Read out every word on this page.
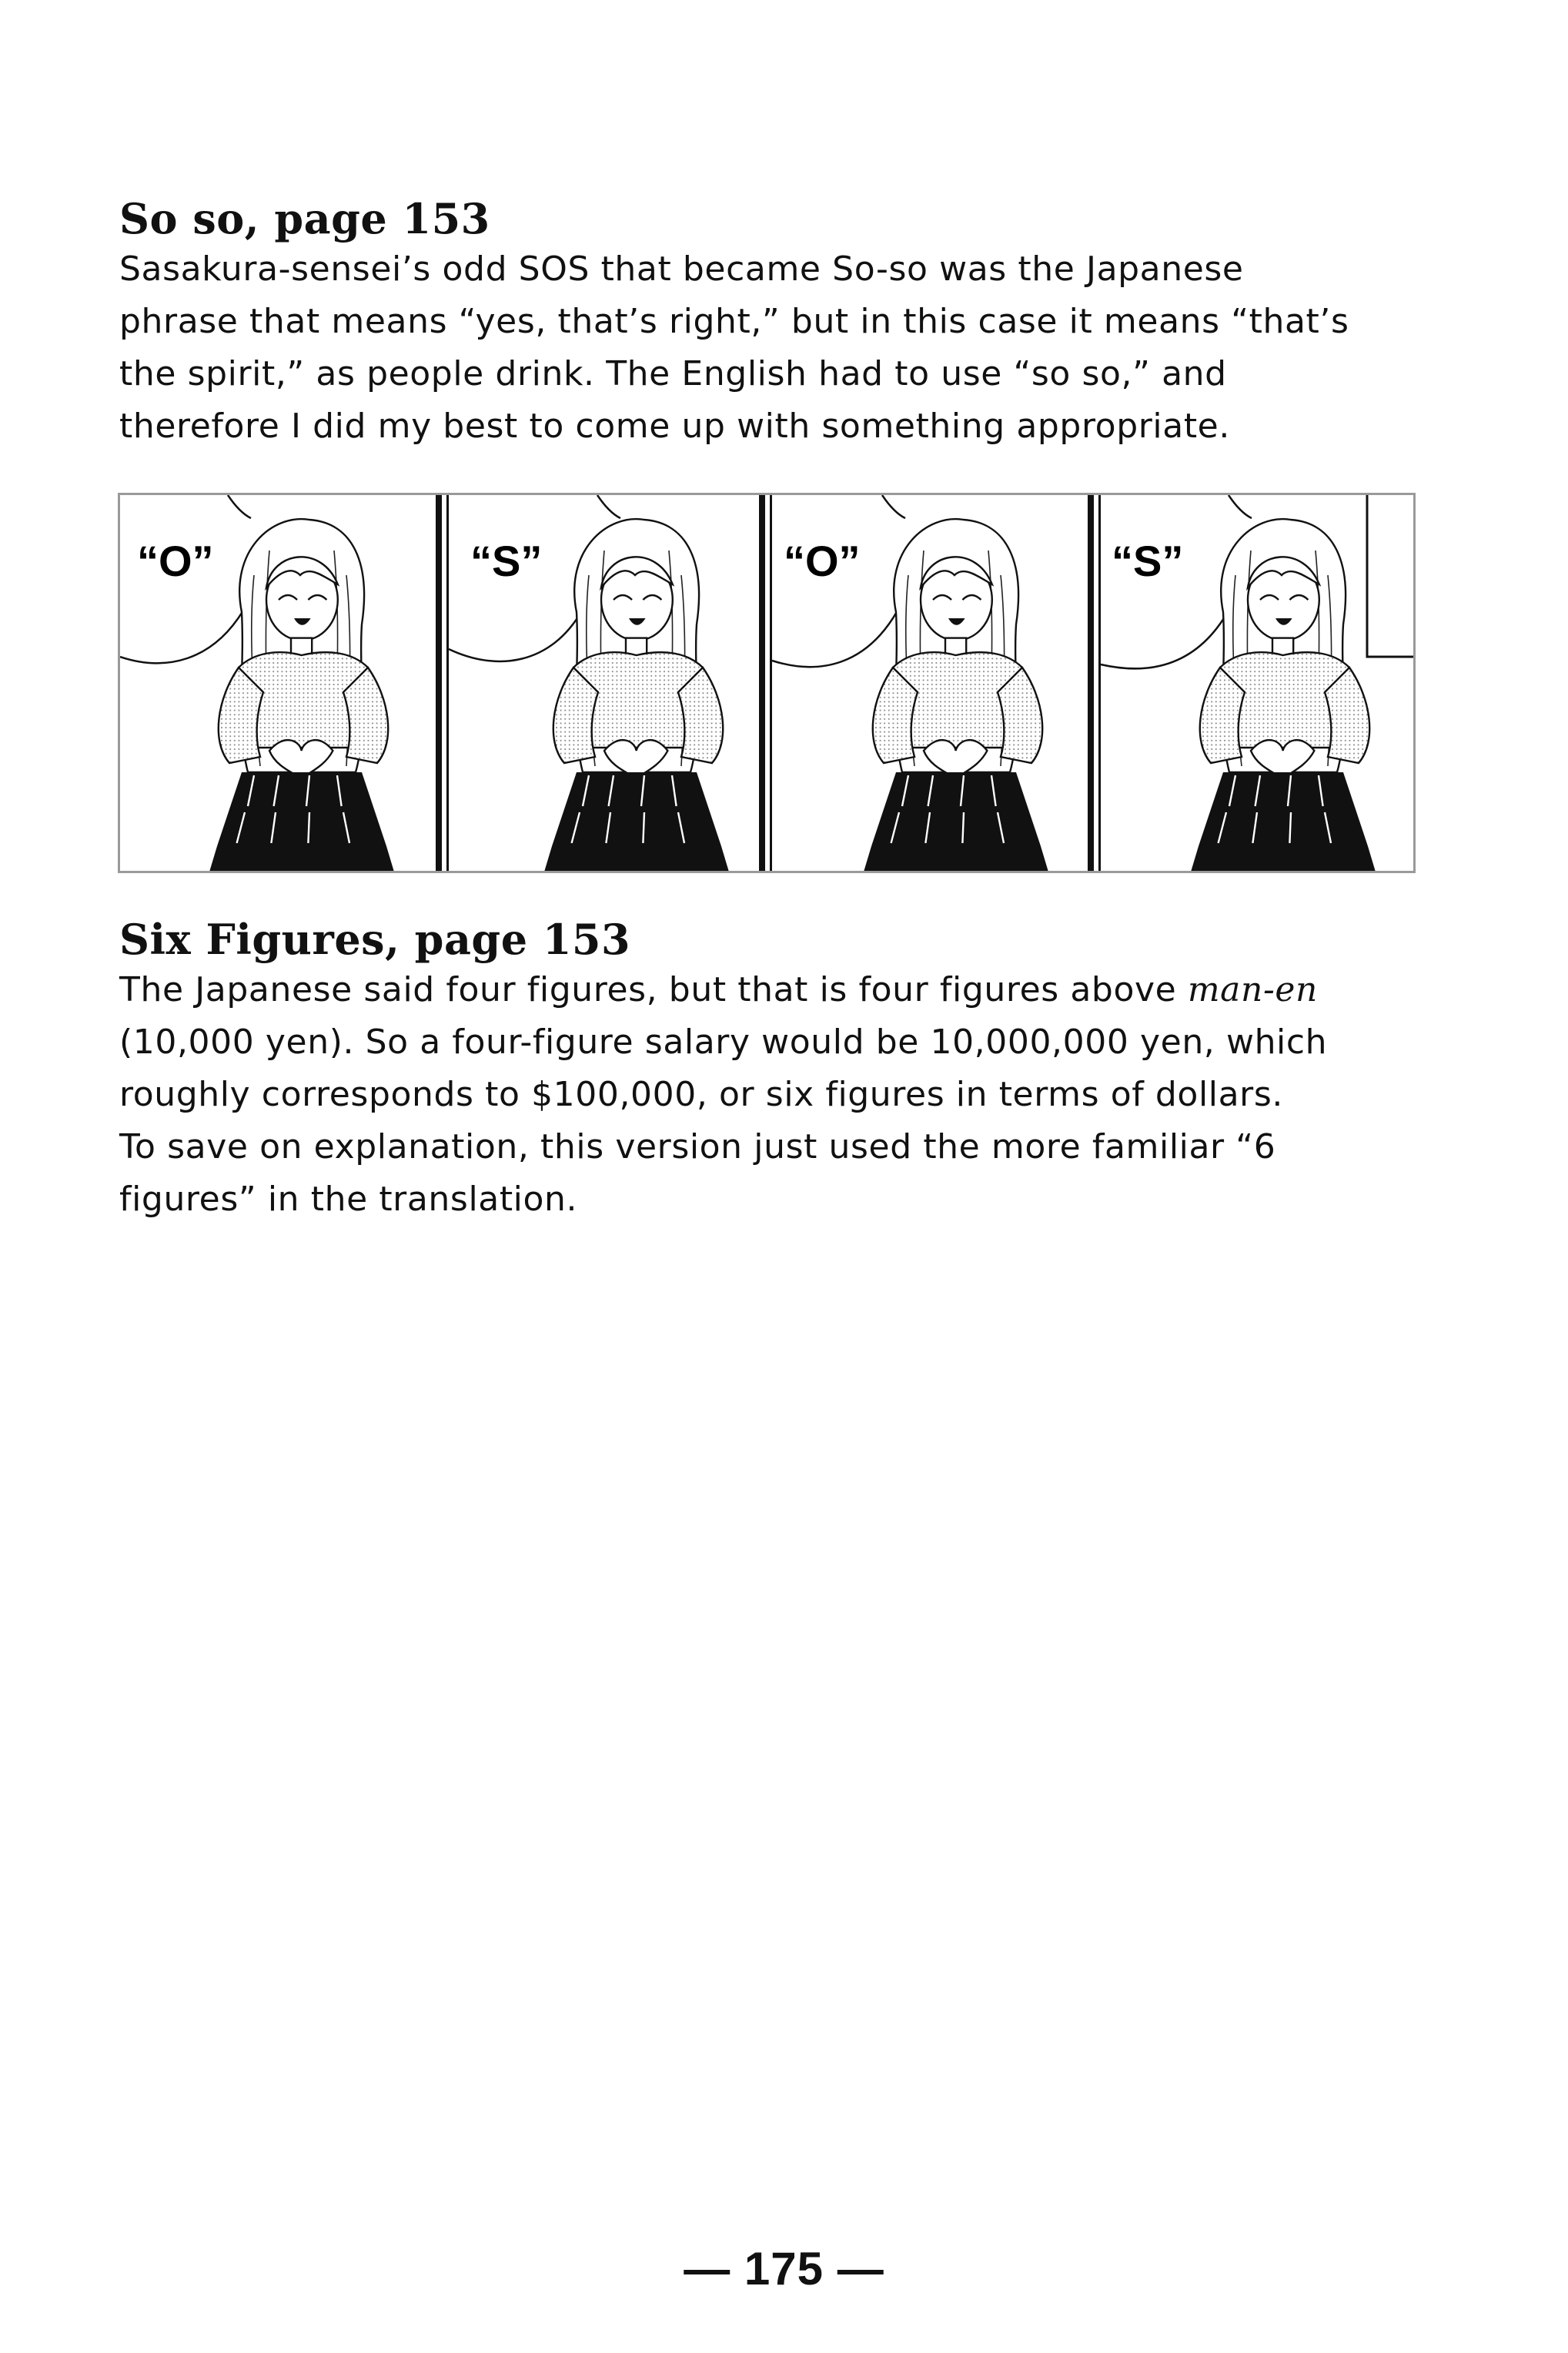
So so, page 153

Sasakura-sensei’s odd SOS that became So-so was the Japanese
phrase that means “yes, that’s right,” but in this case it means “that’s
the spirit,” as people drink. The English had to use “so so,” and
therefore I did my best to come up with something appropriate.

“O”	“S”	“O”	“S”
Six Figures, page 153

The Japanese said four figures, but that is four figures above man-en
(10,000 yen). So a four-figure salary would be 10,000,000 yen, which
roughly corresponds to $100,000, or six figures in terms of dollars.
To save on explanation, this version just used the more familiar “6
figures” in the translation.

— 175 —
